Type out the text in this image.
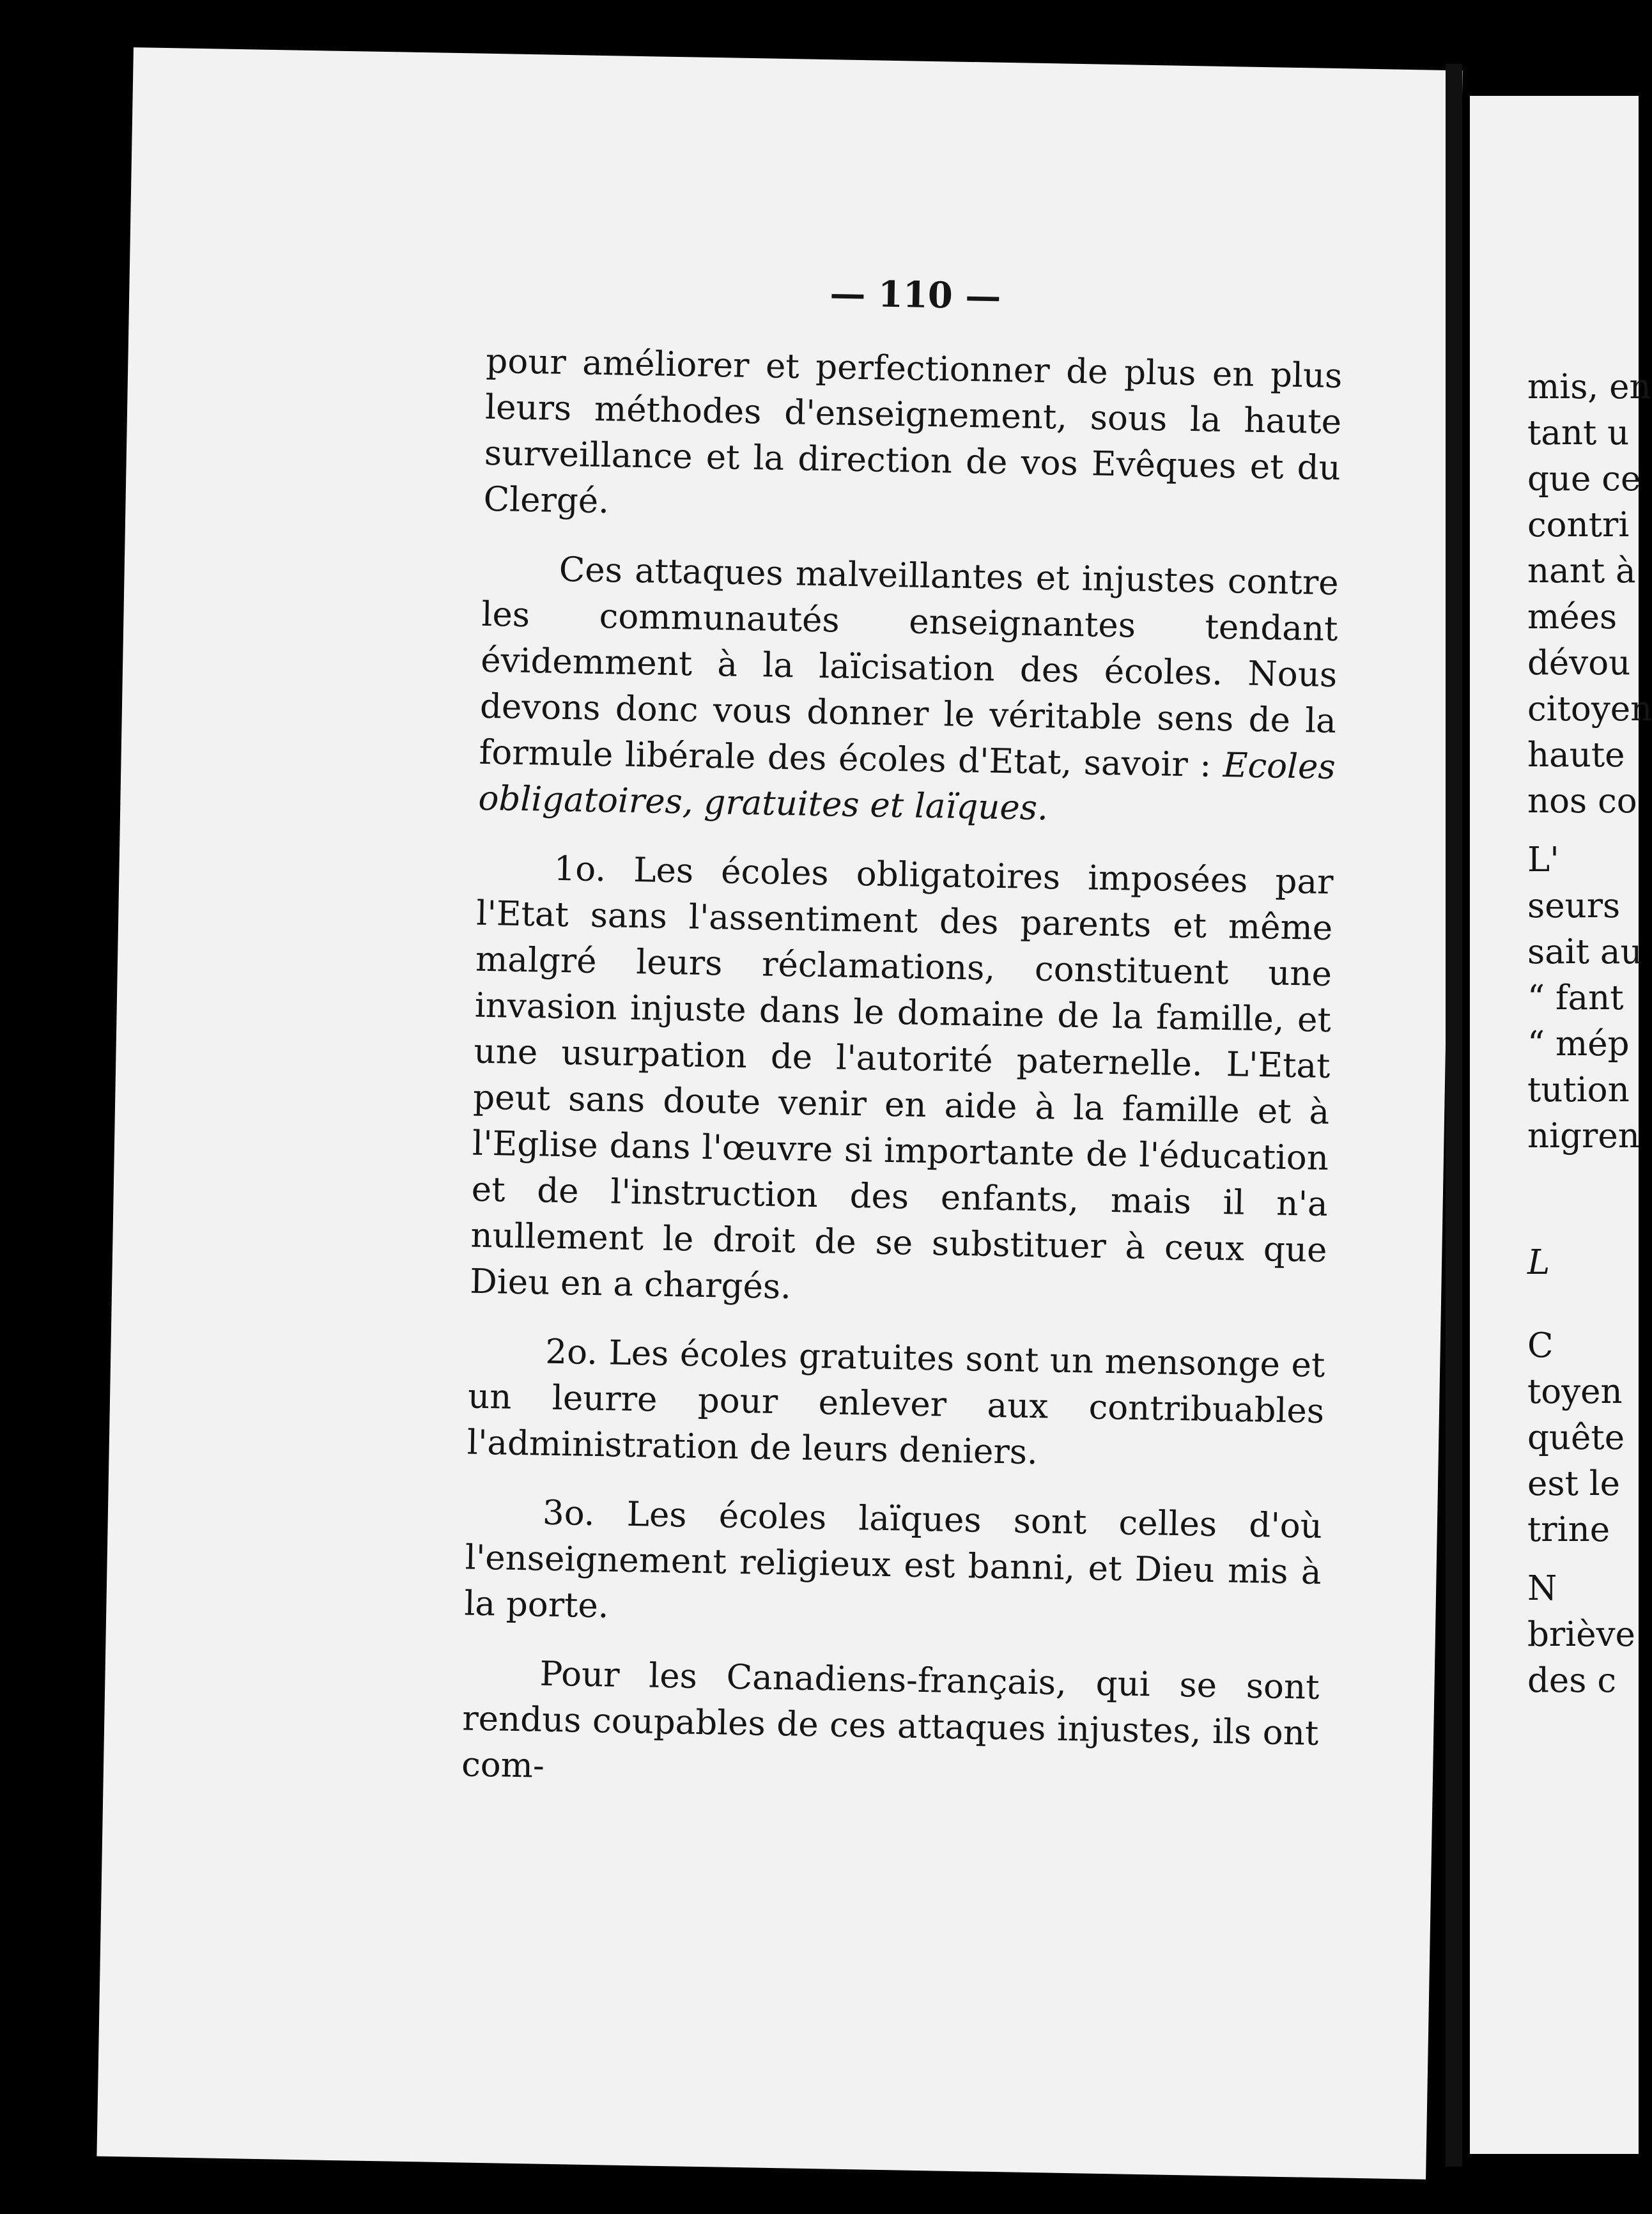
— 110 —

pour améliorer et perfectionner de plus en plus leurs méthodes d'enseignement, sous la haute surveillance et la direction de vos Evêques et du Clergé.

Ces attaques malveillantes et injustes contre les communautés enseignantes tendant évidemment à la laïcisation des écoles. Nous devons donc vous donner le véritable sens de la formule libérale des écoles d'Etat, savoir : Ecoles obligatoires, gratuites et laïques.

1o. Les écoles obligatoires imposées par l'Etat sans l'assentiment des parents et même malgré leurs réclamations, constituent une invasion injuste dans le domaine de la famille, et une usurpation de l'autorité paternelle. L'Etat peut sans doute venir en aide à la famille et à l'Eglise dans l'œuvre si importante de l'éducation et de l'instruction des enfants, mais il n'a nullement le droit de se substituer à ceux que Dieu en a chargés.

2o. Les écoles gratuites sont un mensonge et un leurre pour enlever aux contribuables l'administration de leurs deniers.

3o. Les écoles laïques sont celles d'où l'enseignement religieux est banni, et Dieu mis à la porte.

Pour les Canadiens-français, qui se sont rendus coupables de ces attaques injustes, ils ont com-

mis, en
tant u
que ce
contri
nant à
mées
dévou
citoyen
haute
nos co
L'
seurs
sait au
“ fant
“ mép
tution
nigren
L
C
toyen
quête
est le
trine
N
briève
des c
